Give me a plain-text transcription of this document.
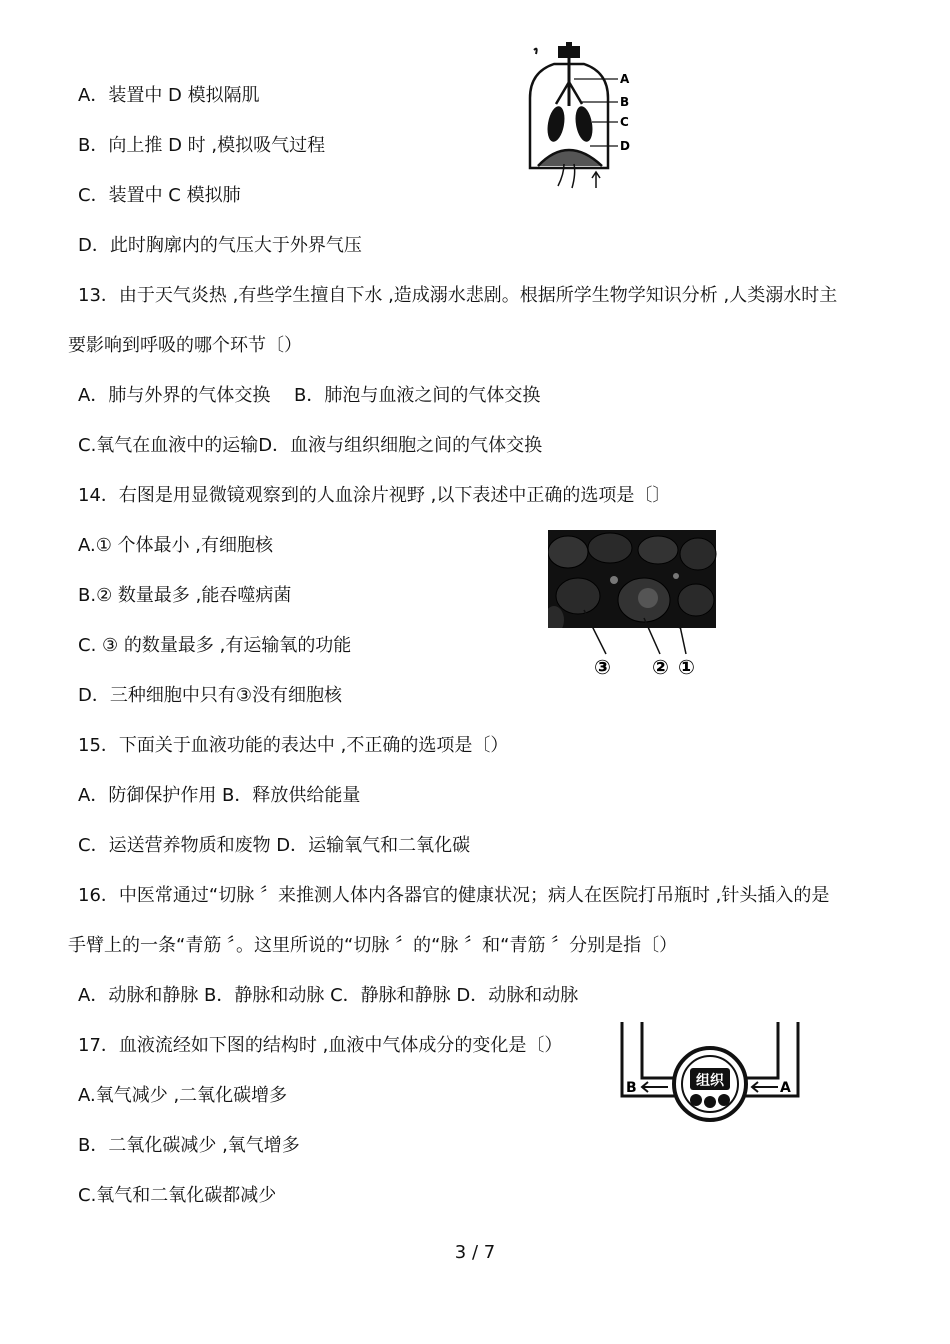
A．装置中 D 模拟隔肌
B．向上推 D 时 ,模拟吸气过程
C．装置中 C 模拟肺
D．此时胸廓内的气压大于外界气压
A
B
C
D
13．由于天气炎热 ,有些学生擅自下水 ,造成溺水悲剧。根据所学生物学知识分析 ,人类溺水时主
要影响到呼吸的哪个环节〔）
A．肺与外界的气体交换　 B．肺泡与血液之间的气体交换
C.氧气在血液中的运输D．血液与组织细胞之间的气体交换
14．右图是用显微镜观察到的人血涂片视野 ,以下表述中正确的选项是〔〕
A.① 个体最小 ,有细胞核
B.② 数量最多 ,能吞噬病菌
C. ③ 的数量最多 ,有运输氧的功能
D．三种细胞中只有③没有细胞核
③ ② ①
15．下面关于血液功能的表达中 ,不正确的选项是〔）
A．防御保护作用 B．释放供给能量
C．运送营养物质和废物 D．运输氧气和二氧化碳
16．中医常通过“切脉 〞来推测人体内各器官的健康状况；病人在医院打吊瓶时 ,针头插入的是
手臂上的一条“青筋 〞。这里所说的“切脉 〞的“脉 〞和“青筋 〞分别是指〔）
A．动脉和静脉 B．静脉和动脉 C．静脉和静脉 D．动脉和动脉
17．血液流经如下图的结构时 ,血液中气体成分的变化是〔）
A.氧气减少 ,二氧化碳增多
B．二氧化碳减少 ,氧气增多
C.氧气和二氧化碳都减少
组织
B	A
3 / 7
